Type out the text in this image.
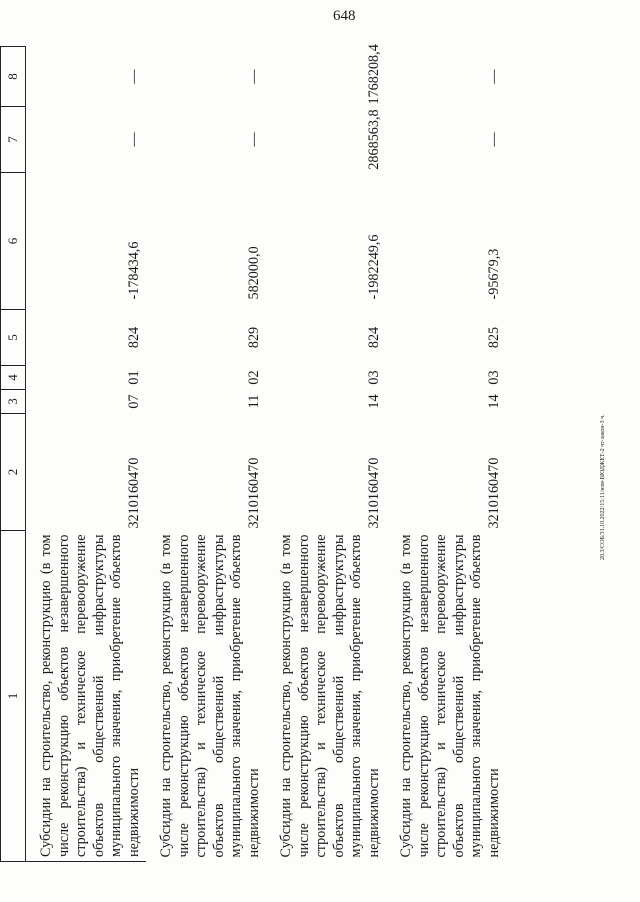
648
20.3/СОБ/31.10.2022/15:11/изм-БЮДЖЕТ-2 чт-закон-3 ч.
1	2	3	4	5	6	7	8
Субсидии на строительство, реконструкцию (в том числе реконструкцию объектов незавершенного строительства) и техническое перевооружение объектов общественной инфраструктуры муниципального значения, приобретение объектов недвижимости	3210160470	07	01	824	-178434,6	—	—
Субсидии на строительство, реконструкцию (в том числе реконструкцию объектов незавершенного строительства) и техническое перевооружение объектов общественной инфраструктуры муниципального значения, приобретение объектов недвижимости	3210160470	11	02	829	582000,0	—	—
Субсидии на строительство, реконструкцию (в том числе реконструкцию объектов незавершенного строительства) и техническое перевооружение объектов общественной инфраструктуры муниципального значения, приобретение объектов недвижимости	3210160470	14	03	824	-1982249,6	2868563,8	1768208,4
Субсидии на строительство, реконструкцию (в том числе реконструкцию объектов незавершенного строительства) и техническое перевооружение объектов общественной инфраструктуры муниципального значения, приобретение объектов недвижимости	3210160470	14	03	825	-95679,3	—	—
